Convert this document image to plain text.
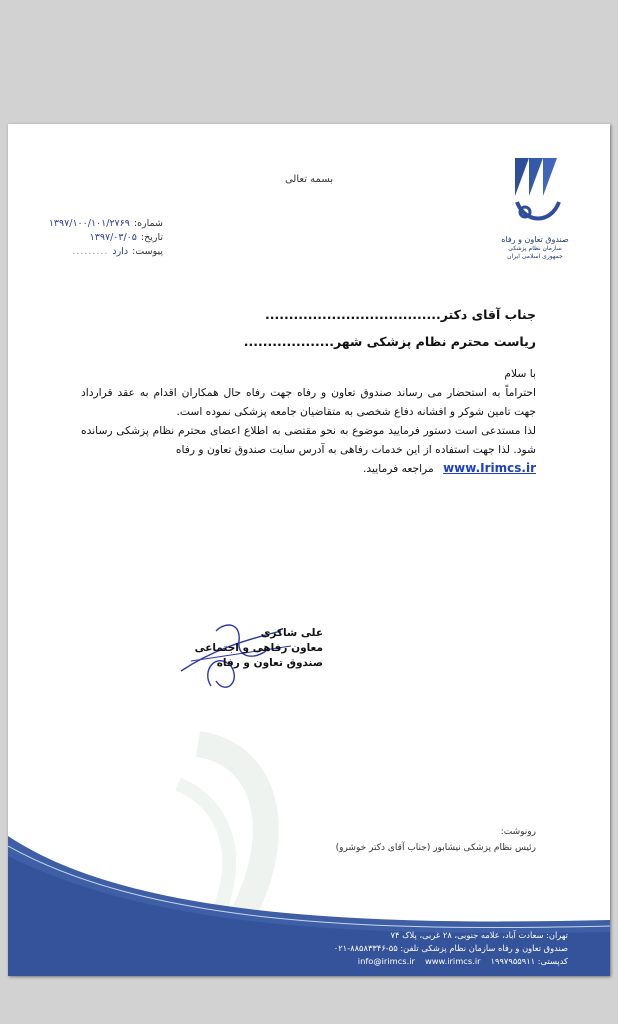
صندوق تعاون و رفاه
سازمان نظام پزشکی جمهوری اسلامی ایران
بسمه تعالی
شماره:
۱۳۹۷/۱۰۰/۱۰۱/۲۷۶۹
تاریخ:
۱۳۹۷/۰۳/۰۵
پیوست:
دارد
.........
جناب آقای دکتر.....................................
ریاست محترم نظام پزشکی شهر...................

با سلام

احتراماً به استحضار می رساند صندوق تعاون و رفاه جهت رفاه حال همکاران اقدام به عقد قرارداد جهت تامین شوکر و افشانه دفاع شخصی به متقاضیان جامعه پزشکی نموده است.

لذا مستدعی است دستور فرمایید موضوع به نحو مقتضی به اطلاع اعضای محترم نظام پزشکی رسانده شود. لذا جهت استفاده از این خدمات رفاهی به آدرس سایت صندوق تعاون و رفاه

www.Irimcs.ir مراجعه فرمایید.

علی شاکری
معاون رفاهی و اجتماعی
صندوق تعاون و رفاه
رونوشت:
رئیس نظام پزشکی نیشابور (جناب آقای دکتر خوشرو)
تهران: سعادت آباد، علامه جنوبی، ۲۸ غربی، پلاک ۷۴
صندوق تعاون و رفاه سازمان نظام پزشکی تلفن: ۵۵-۸۸۵۸۳۳۴۶-۰۲۱
info@irimcs.ir www.irimcs.ir کدپستی: ۱۹۹۷۹۵۵۹۱۱
